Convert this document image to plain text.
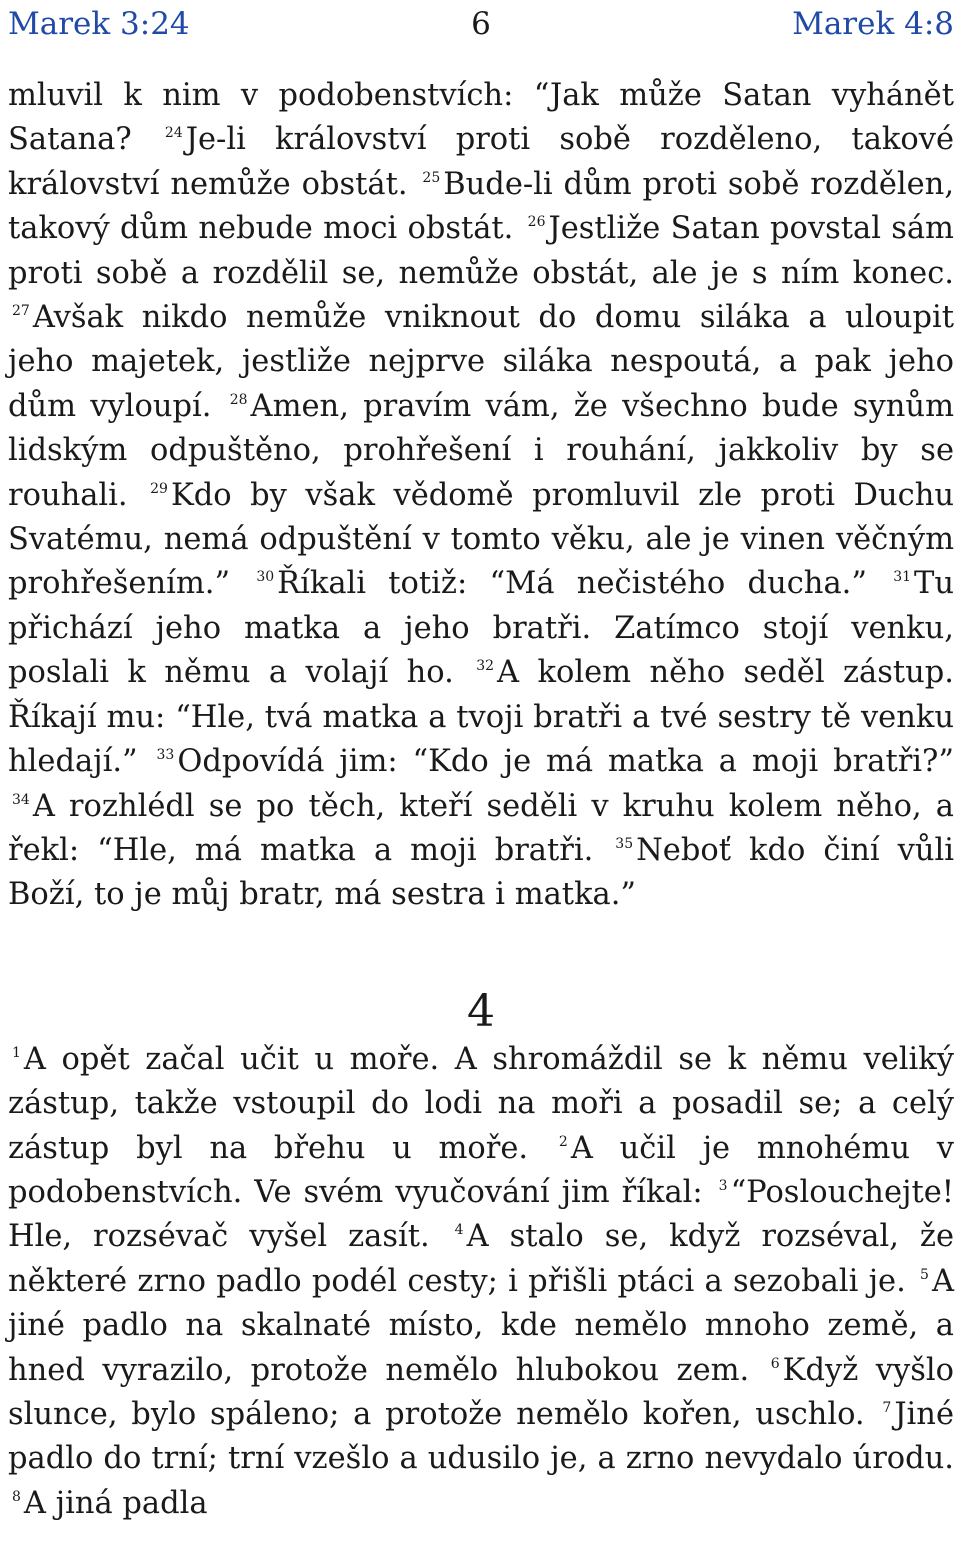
Marek 3:24	6	Marek 4:8

mluvil k nim v podobenstvích: “Jak může Satan vyhánět Satana? $^{24}$Je-li království proti sobě rozděleno, takové království nemůže obstát. $^{25}$Bude-li dům proti sobě rozdělen, takový dům nebude moci obstát. $^{26}$Jestliže Satan povstal sám proti sobě a rozdělil se, nemůže obstát, ale je s ním konec. $^{27}$Avšak nikdo nemůže vniknout do domu siláka a uloupit jeho majetek, jestliže nejprve siláka nespoutá, a pak jeho dům vyloupí. $^{28}$Amen, pravím vám, že všechno bude synům lidským odpuštěno, prohřešení i rouhání, jakkoliv by se rouhali. $^{29}$Kdo by však vědomě promluvil zle proti Duchu Svatému, nemá odpuštění v tomto věku, ale je vinen věčným prohřešením.” $^{30}$Říkali totiž: “Má nečistého ducha.” $^{31}$Tu přichází jeho matka a jeho bratři. Zatímco stojí venku, poslali k němu a volají ho. $^{32}$A kolem něho seděl zástup. Říkají mu: “Hle, tvá matka a tvoji bratři a tvé sestry tě venku hledají.” $^{33}$Odpovídá jim: “Kdo je má matka a moji bratři?” $^{34}$A rozhlédl se po těch, kteří seděli v kruhu kolem něho, a řekl: “Hle, má matka a moji bratři. $^{35}$Neboť kdo činí vůli Boží, to je můj bratr, má sestra i matka.”

4

$^1$A opět začal učit u moře. A shromáždil se k němu veliký zástup, takže vstoupil do lodi na moři a posadil se; a celý zástup byl na břehu u moře. $^2$A učil je mnohému v podobenstvích. Ve svém vyučování jim říkal: $^3$“Poslouchejte! Hle, rozsévač vyšel zasít. $^4$A stalo se, když rozséval, že některé zrno padlo podél cesty; i přišli ptáci a sezobali je. $^5$A jiné padlo na skalnaté místo, kde nemělo mnoho země, a hned vyrazilo, protože nemělo hlubokou zem. $^6$Když vyšlo slunce, bylo spáleno; a protože nemělo kořen, uschlo. $^7$Jiné padlo do trní; trní vzešlo a udusilo je, a zrno nevydalo úrodu. $^8$A jiná padla
